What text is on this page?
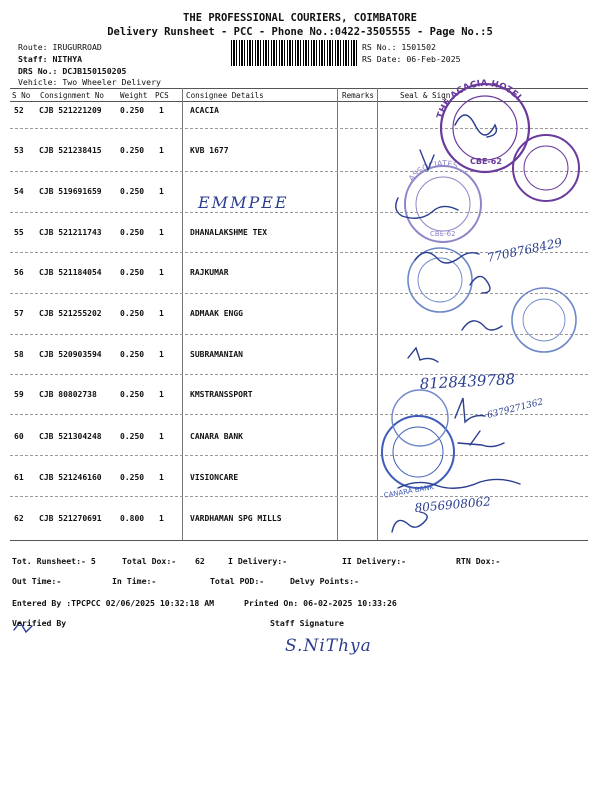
THE PROFESSIONAL COURIERS, COIMBATORE
Delivery Runsheet - PCC - Phone No.:0422-3505555 - Page No.:5
Route: IRUGURROAD
Staff: NITHYA
DRS No.: DCJB150150205
Vehicle: Two Wheeler Delivery
RS No.: 1501502
RS Date: 06-Feb-2025
S No Consignment No Weight PCS Consignee Details	Remarks	Seal & Sign
52 CJB 521221209 0.250 1	ACACIA
53 CJB 521238415 0.250 1	KVB 1677
54 CJB 519691659 0.250 1
EMMPEE
55 CJB 521211743 0.250 1	DHANALAKSHME TEX
56 CJB 521184054 0.250 1	RAJKUMAR
57 CJB 521255202 0.250 1	ADMAAK ENGG
58 CJB 520903594 0.250 1	SUBRAMANIAN
59 CJB 80802738	0.250 1	KMSTRANSSPORT
60 CJB 521304248 0.250 1	CANARA BANK
61 CJB 521246160 0.250 1	VISIONCARE
62 CJB 521270691 0.800 1	VARDHAMAN SPG MILLS
THE ACACIA HOTEL
CBE-62
ASSOCIATES
CBE-62
CANARA BANK
7708768429
8128439788
6379271362
8056908062
Tot. Runsheet:- 5	Total Dox:- 62	I Delivery:-	II Delivery:-	RTN Dox:-
Out Time:-	In Time:-	Total POD:-	Delvy Points:-
Entered By :TPCPCC 02/06/2025 10:32:18 AM	Printed On: 06-02-2025 10:33:26
Verified By	Staff Signature
S.NiThya
